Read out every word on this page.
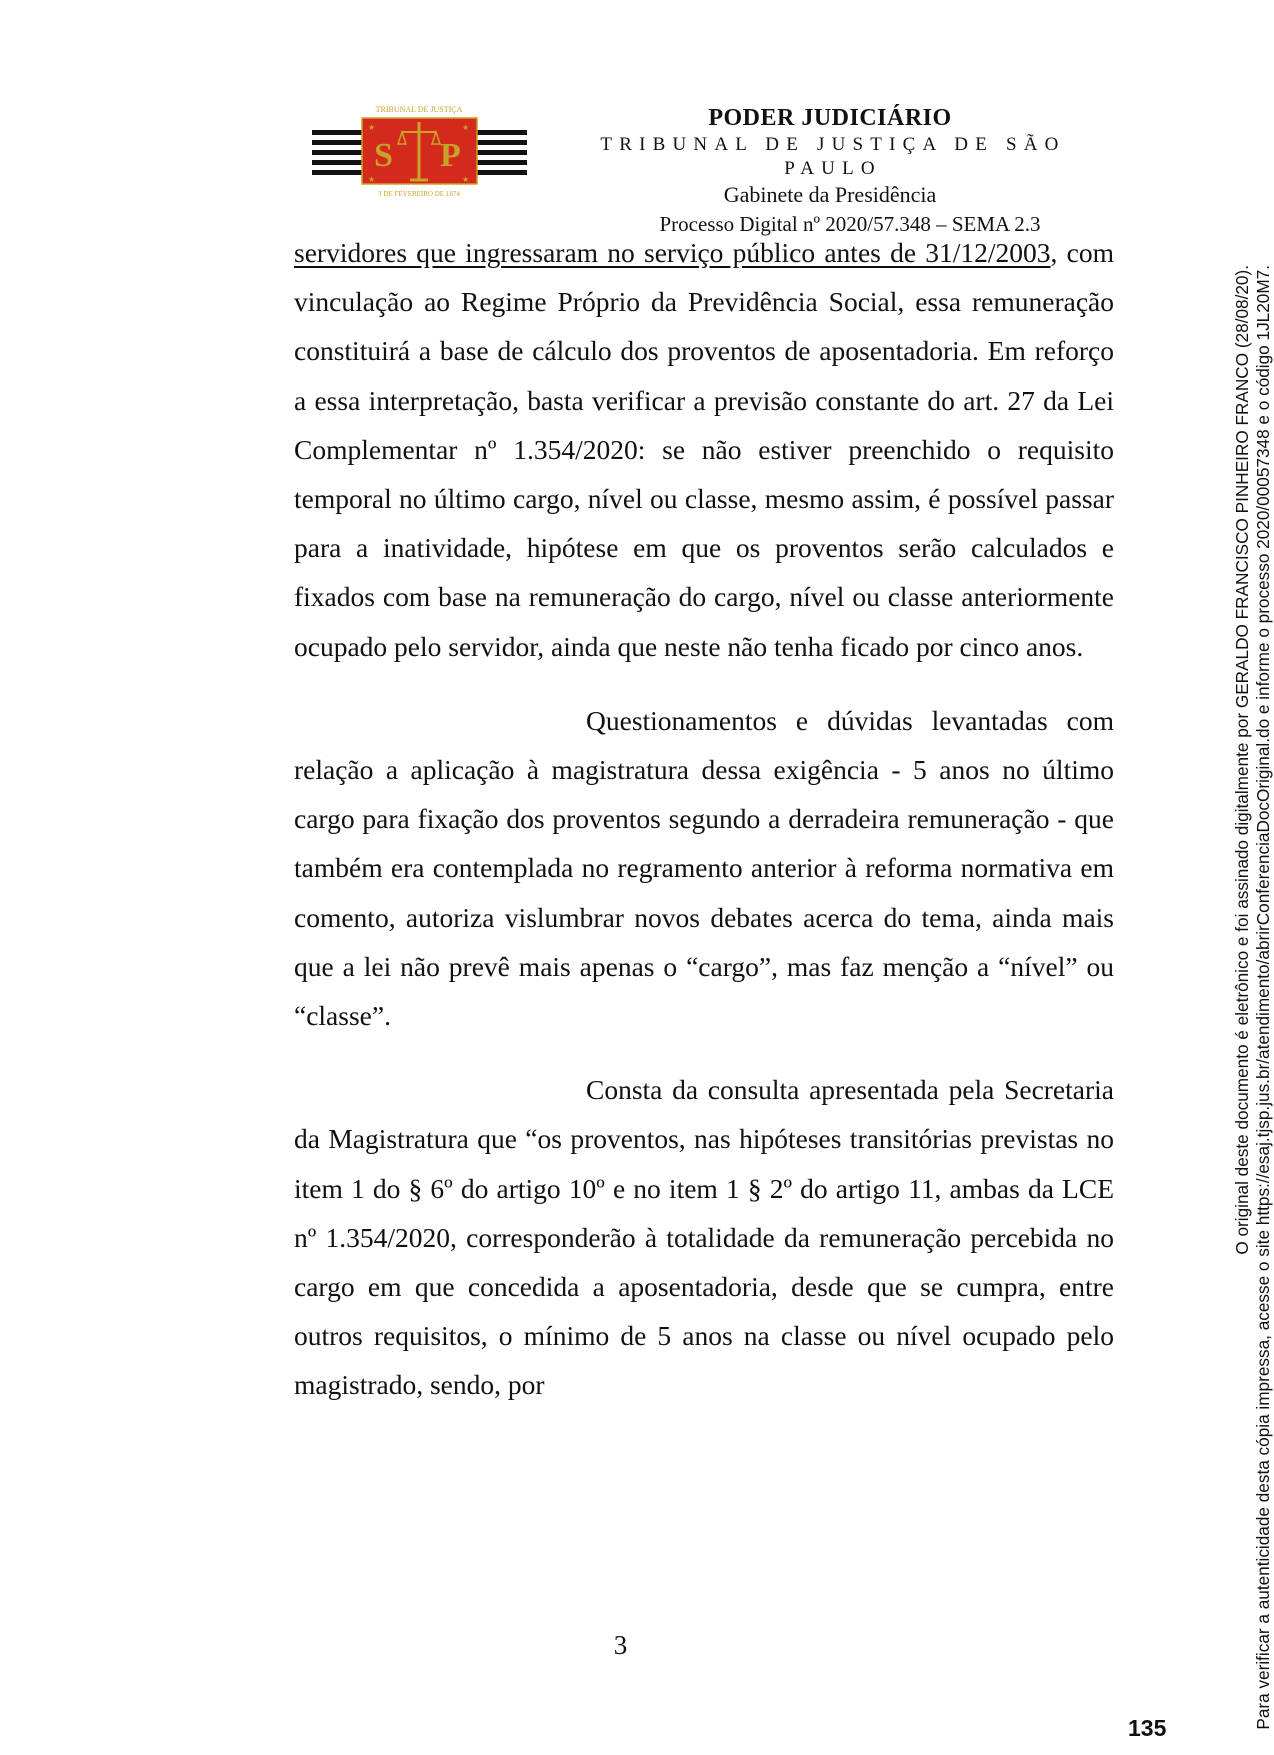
★	★
★	★
S P
TRIBUNAL DE JUSTIÇA
3 DE FEVEREIRO DE 1874
PODER JUDICIÁRIO
TRIBUNAL DE JUSTIÇA DE SÃO PAULO
Gabinete da Presidência
Processo Digital nº 2020/57.348 – SEMA 2.3

servidores que ingressaram no serviço público antes de 31/12/2003, com vinculação ao Regime Próprio da Previdência Social, essa remuneração constituirá a base de cálculo dos proventos de aposentadoria. Em reforço a essa interpretação, basta verificar a previsão constante do art. 27 da Lei Complementar nº 1.354/2020: se não estiver preenchido o requisito temporal no último cargo, nível ou classe, mesmo assim, é possível passar para a inatividade, hipótese em que os proventos serão calculados e fixados com base na remuneração do cargo, nível ou classe anteriormente ocupado pelo servidor, ainda que neste não tenha ficado por cinco anos.

Questionamentos e dúvidas levantadas com relação a aplicação à magistratura dessa exigência - 5 anos no último cargo para fixação dos proventos segundo a derradeira remuneração - que também era contemplada no regramento anterior à reforma normativa em comento, autoriza vislumbrar novos debates acerca do tema, ainda mais que a lei não prevê mais apenas o “cargo”, mas faz menção a “nível” ou “classe”.

Consta da consulta apresentada pela Secretaria da Magistratura que “os proventos, nas hipóteses transitórias previstas no item 1 do § 6º do artigo 10º e no item 1 § 2º do artigo 11, ambas da LCE nº 1.354/2020, corresponderão à totalidade da remuneração percebida no cargo em que concedida a aposentadoria, desde que se cumpra, entre outros requisitos, o mínimo de 5 anos na classe ou nível ocupado pelo magistrado, sendo, por

3
O original deste documento é eletrônico e foi assinado digitalmente por GERALDO FRANCISCO PINHEIRO FRANCO (28/08/20). Para verificar a autenticidade desta cópia impressa, acesse o site https://esaj.tjsp.jus.br/atendimento/abrirConferenciaDocOriginal.do e informe o processo 2020/00057348 e o código 1JL20M7.
135
